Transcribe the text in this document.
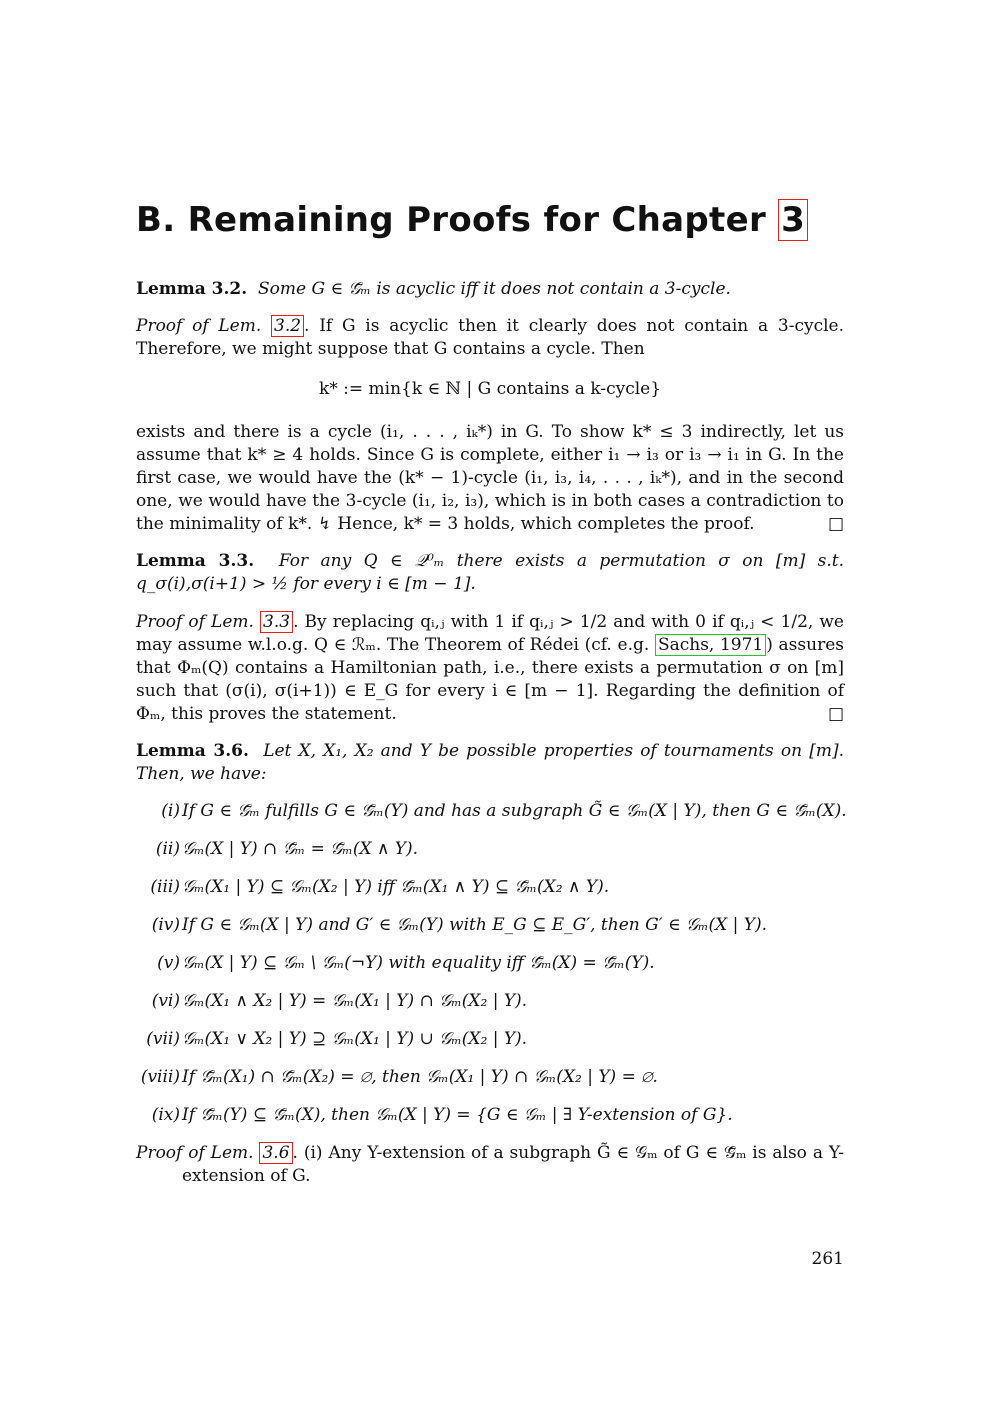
B. Remaining Proofs for Chapter 3

Lemma 3.2. Some G ∈ 𝒢̄ₘ is acyclic iff it does not contain a 3-cycle.

Proof of Lem. 3.2 . If G is acyclic then it clearly does not contain a 3-cycle. Therefore, we might suppose that G contains a cycle. Then

k* := min{k ∈ ℕ | G contains a k-cycle}

exists and there is a cycle (i₁, . . . , iₖ*) in G. To show k* ≤ 3 indirectly, let us assume that k* ≥ 4 holds. Since G is complete, either i₁ → i₃ or i₃ → i₁ in G. In the first case, we would have the (k* − 1)-cycle (i₁, i₃, i₄, . . . , iₖ*), and in the second one, we would have the 3-cycle (i₁, i₂, i₃), which is in both cases a contradiction to the minimality of k*. ↯ Hence, k* = 3 holds, which completes the proof.	□

Lemma 3.3. For any Q ∈ 𝒬⁰ₘ there exists a permutation σ on [m] s.t. q_σ(i),σ(i+1) > ½ for every i ∈ [m − 1].

Proof of Lem. 3.3 . By replacing qᵢ,ⱼ with 1 if qᵢ,ⱼ > 1/2 and with 0 if qᵢ,ⱼ < 1/2, we may assume w.l.o.g. Q ∈ ℛₘ. The Theorem of Rédei (cf. e.g. Sachs, 1971 ) assures that Φₘ(Q) contains a Hamiltonian path, i.e., there exists a permutation σ on [m] such that (σ(i), σ(i+1)) ∈ E_G for every i ∈ [m − 1]. Regarding the definition of Φₘ, this proves the statement.	□

Lemma 3.6. Let X, X₁, X₂ and Y be possible properties of tournaments on [m]. Then, we have:

(i) If G ∈ 𝒢̄ₘ fulfills G ∈ 𝒢̄ₘ(Y) and has a subgraph G̃ ∈ 𝒢ₘ(X | Y), then G ∈ 𝒢̄ₘ(X).
(ii) 𝒢ₘ(X | Y) ∩ 𝒢̄ₘ = 𝒢̄ₘ(X ∧ Y).
(iii) 𝒢ₘ(X₁ | Y) ⊆ 𝒢ₘ(X₂ | Y) iff 𝒢̄ₘ(X₁ ∧ Y) ⊆ 𝒢̄ₘ(X₂ ∧ Y).
(iv) If G ∈ 𝒢ₘ(X | Y) and G′ ∈ 𝒢ₘ(Y) with E_G ⊆ E_G′, then G′ ∈ 𝒢ₘ(X | Y).
(v) 𝒢ₘ(X | Y) ⊆ 𝒢ₘ \ 𝒢ₘ(¬Y) with equality iff 𝒢̄ₘ(X) = 𝒢̄ₘ(Y).
(vi) 𝒢ₘ(X₁ ∧ X₂ | Y) = 𝒢ₘ(X₁ | Y) ∩ 𝒢ₘ(X₂ | Y).
(vii) 𝒢ₘ(X₁ ∨ X₂ | Y) ⊇ 𝒢ₘ(X₁ | Y) ∪ 𝒢ₘ(X₂ | Y).
(viii) If 𝒢̄ₘ(X₁) ∩ 𝒢̄ₘ(X₂) = ∅, then 𝒢ₘ(X₁ | Y) ∩ 𝒢ₘ(X₂ | Y) = ∅.
(ix) If 𝒢̄ₘ(Y) ⊆ 𝒢̄ₘ(X), then 𝒢ₘ(X | Y) = {G ∈ 𝒢ₘ | ∃ Y-extension of G}.

Proof of Lem. 3.6 . (i) Any Y-extension of a subgraph G̃ ∈ 𝒢ₘ of G ∈ 𝒢̄ₘ is also a Y-extension of G.

261
